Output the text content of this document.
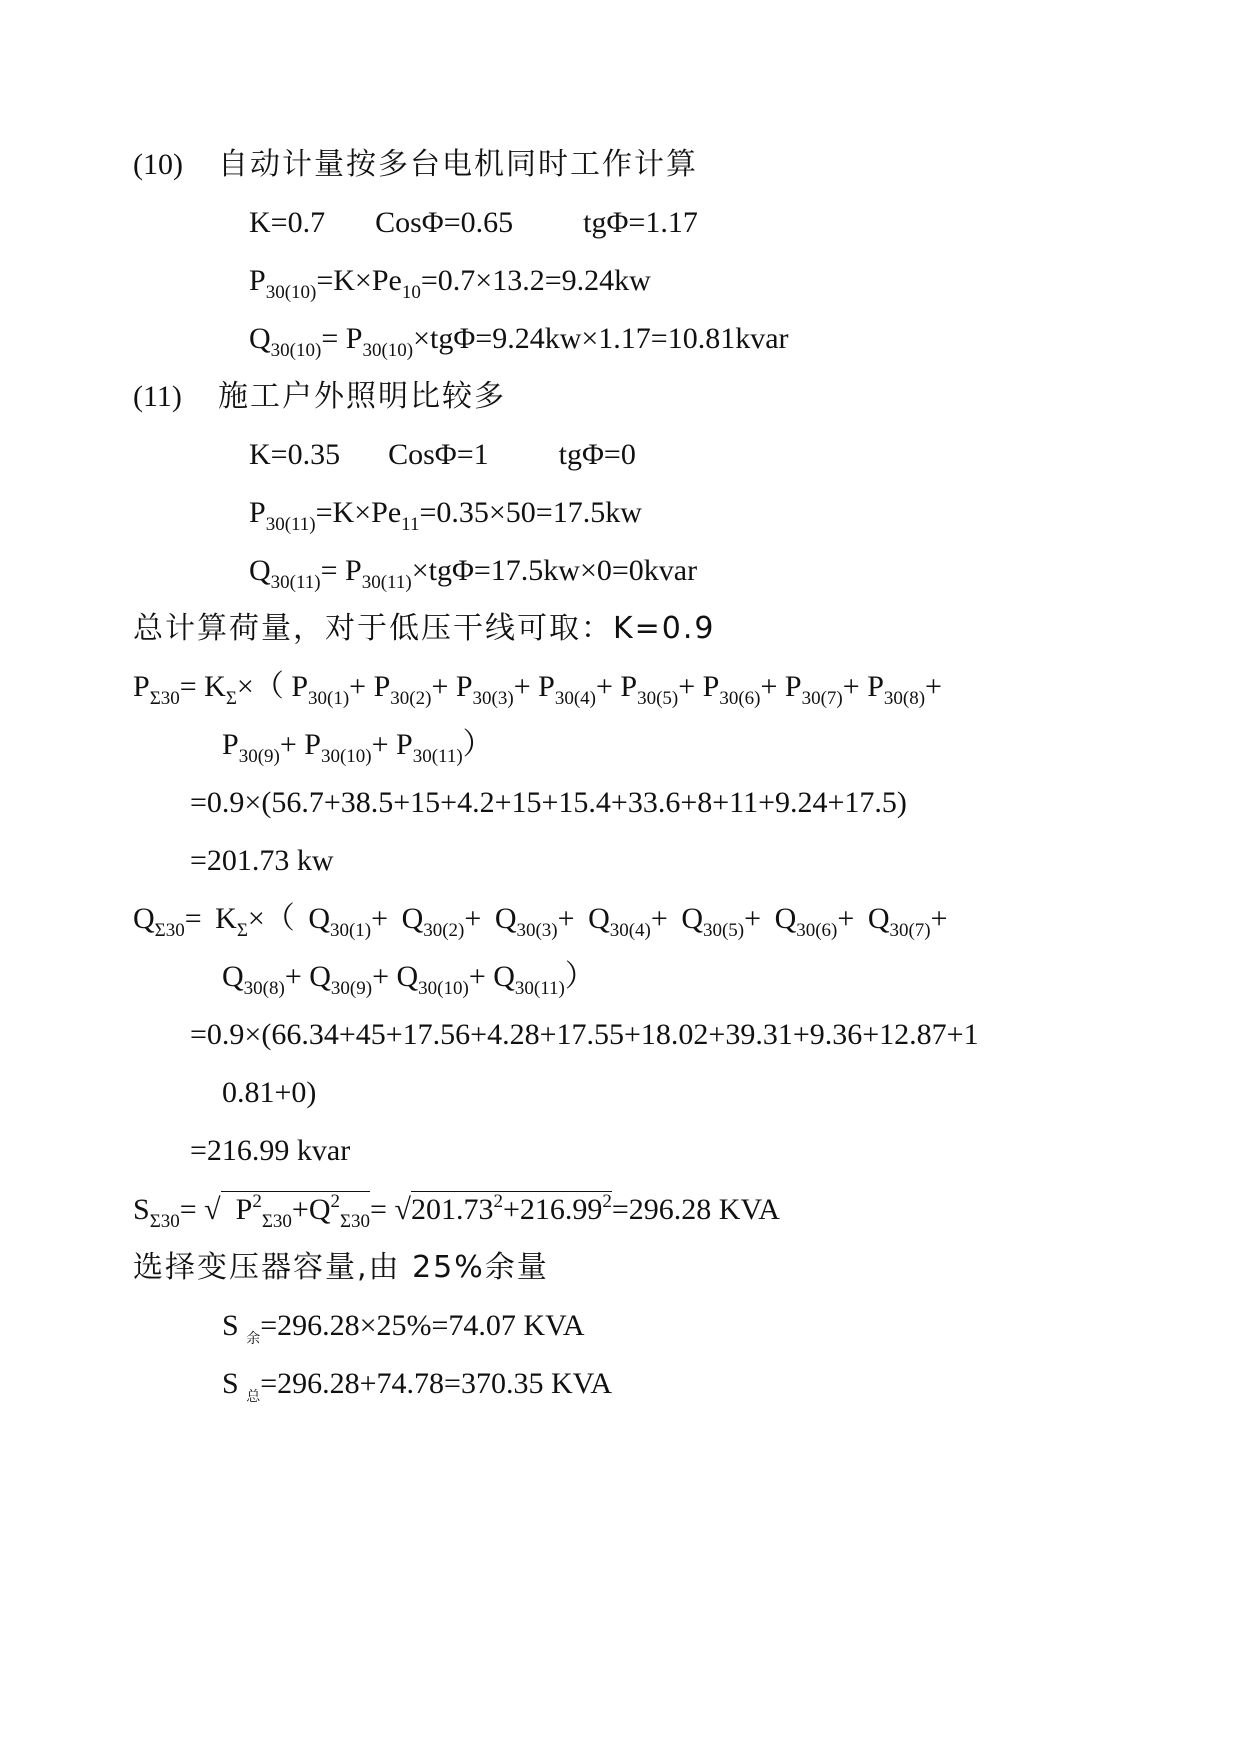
(10) 自动计量按多台电机同时工作计算

K=0.7 CosΦ=0.65 tgΦ=1.17

$P_{30(10)}=K\times Pe_{10}=0.7\times 13.2=9.24kw$

$Q_{30(10)}=$ $P_{30(10)}\times tg\Phi=9.24kw\times 1.17=10.81kvar$

(11) 施工户外照明比较多

K=0.35 CosΦ=1 tgΦ=0

$P_{30(11)}=K\times Pe_{11}=0.35\times 50=17.5kw$

$Q_{30(11)}=$ $P_{30(11)}\times tg\Phi=17.5kw\times 0=0kvar$

总计算荷量，对于低压干线可取：K=0.9

$P_{\Sigma 30}= K_\Sigma\times$（ $P_{30(1)}+ P_{30(2)}+ P_{30(3)}+ P_{30(4)}+ P_{30(5)}+ P_{30(6)}+ P_{30(7)}+ P_{30(8)}+$

$P_{30(9)}+ P_{30(10)}+ P_{30(11)}$）

=0.9×(56.7+38.5+15+4.2+15+15.4+33.6+8+11+9.24+17.5)

=201.73 kw

$Q_{\Sigma 30}= K_\Sigma\times$（ $Q_{30(1)}+ Q_{30(2)}+ Q_{30(3)}+ Q_{30(4)}+ Q_{30(5)}+ Q_{30(6)}+ Q_{30(7)}+$

$Q_{30(8)}+ Q_{30(9)}+ Q_{30(10)}+ Q_{30(11)}$）

=0.9×(66.34+45+17.56+4.28+17.55+18.02+39.31+9.36+12.87+1

0.81+0)

=216.99 kvar

$S_{\Sigma 30}=$ √ $P^2_{\Sigma 30}+Q^2_{\Sigma 30}=$ √
$201.73^2+216.99^2=296.28$ KVA

选择变压器容量,由 25%余量

S $_余$=296.28×25%=74.07 KVA

S $_总$=296.28+74.78=370.35 KVA
